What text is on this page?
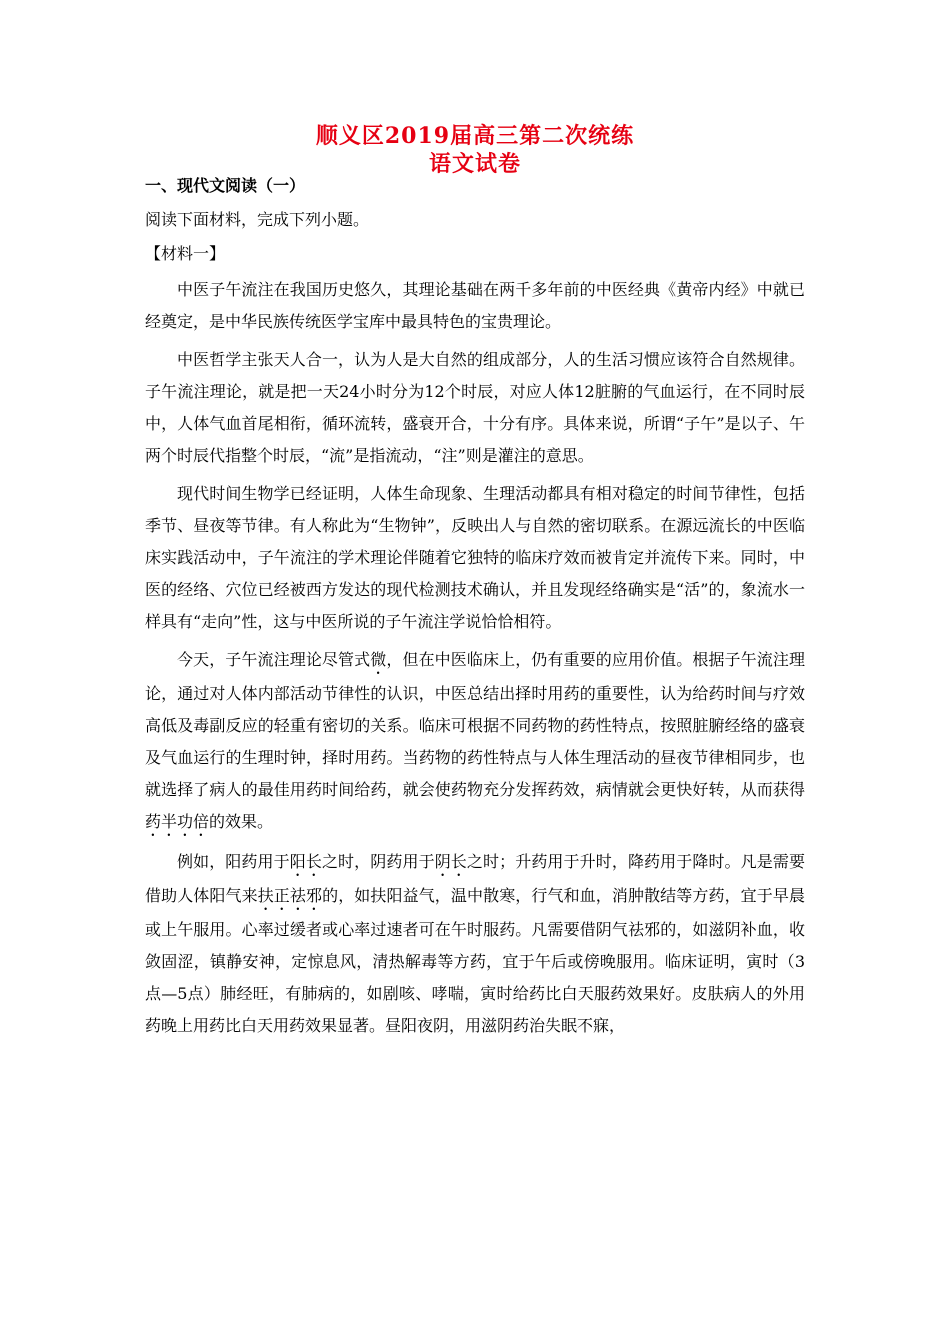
顺义区2019届高三第二次统练
语文试卷
一、现代文阅读（一）
阅读下面材料，完成下列小题。
【材料一】

中医子午流注在我国历史悠久，其理论基础在两千多年前的中医经典《黄帝内经》中就已经奠定，是中华民族传统医学宝库中最具特色的宝贵理论。

中医哲学主张天人合一，认为人是大自然的组成部分，人的生活习惯应该符合自然规律。子午流注理论，就是把一天24小时分为12个时辰，对应人体12脏腑的气血运行，在不同时辰中，人体气血首尾相衔，循环流转，盛衰开合，十分有序。具体来说，所谓“子午”是以子、午两个时辰代指整个时辰，“流”是指流动，“注”则是灌注的意思。

现代时间生物学已经证明，人体生命现象、生理活动都具有相对稳定的时间节律性，包括季节、昼夜等节律。有人称此为“生物钟”，反映出人与自然的密切联系。在源远流长的中医临床实践活动中，子午流注的学术理论伴随着它独特的临床疗效而被肯定并流传下来。同时，中医的经络、穴位已经被西方发达的现代检测技术确认，并且发现经络确实是“活”的，象流水一样具有“走向”性，这与中医所说的子午流注学说恰恰相符。

今天，子午流注理论尽管式微，但在中医临床上，仍有重要的应用价值。根据子午流注理论，通过对人体内部活动节律性的认识，中医总结出择时用药的重要性，认为给药时间与疗效高低及毒副反应的轻重有密切的关系。临床可根据不同药物的药性特点，按照脏腑经络的盛衰及气血运行的生理时钟，择时用药。当药物的药性特点与人体生理活动的昼夜节律相同步，也就选择了病人的最佳用药时间给药，就会使药物充分发挥药效，病情就会更快好转，从而获得药半功倍的效果。

例如，阳药用于阳长之时，阴药用于阴长之时；升药用于升时，降药用于降时。凡是需要借助人体阳气来扶正祛邪的，如扶阳益气，温中散寒，行气和血，消肿散结等方药，宜于早晨或上午服用。心率过缓者或心率过速者可在午时服药。凡需要借阴气祛邪的，如滋阴补血，收敛固涩，镇静安神，定惊息风，清热解毒等方药，宜于午后或傍晚服用。临床证明，寅时（3点—5点）肺经旺，有肺病的，如剧咳、哮喘，寅时给药比白天服药效果好。皮肤病人的外用药晚上用药比白天用药效果显著。昼阳夜阴，用滋阴药治失眠不寐，
